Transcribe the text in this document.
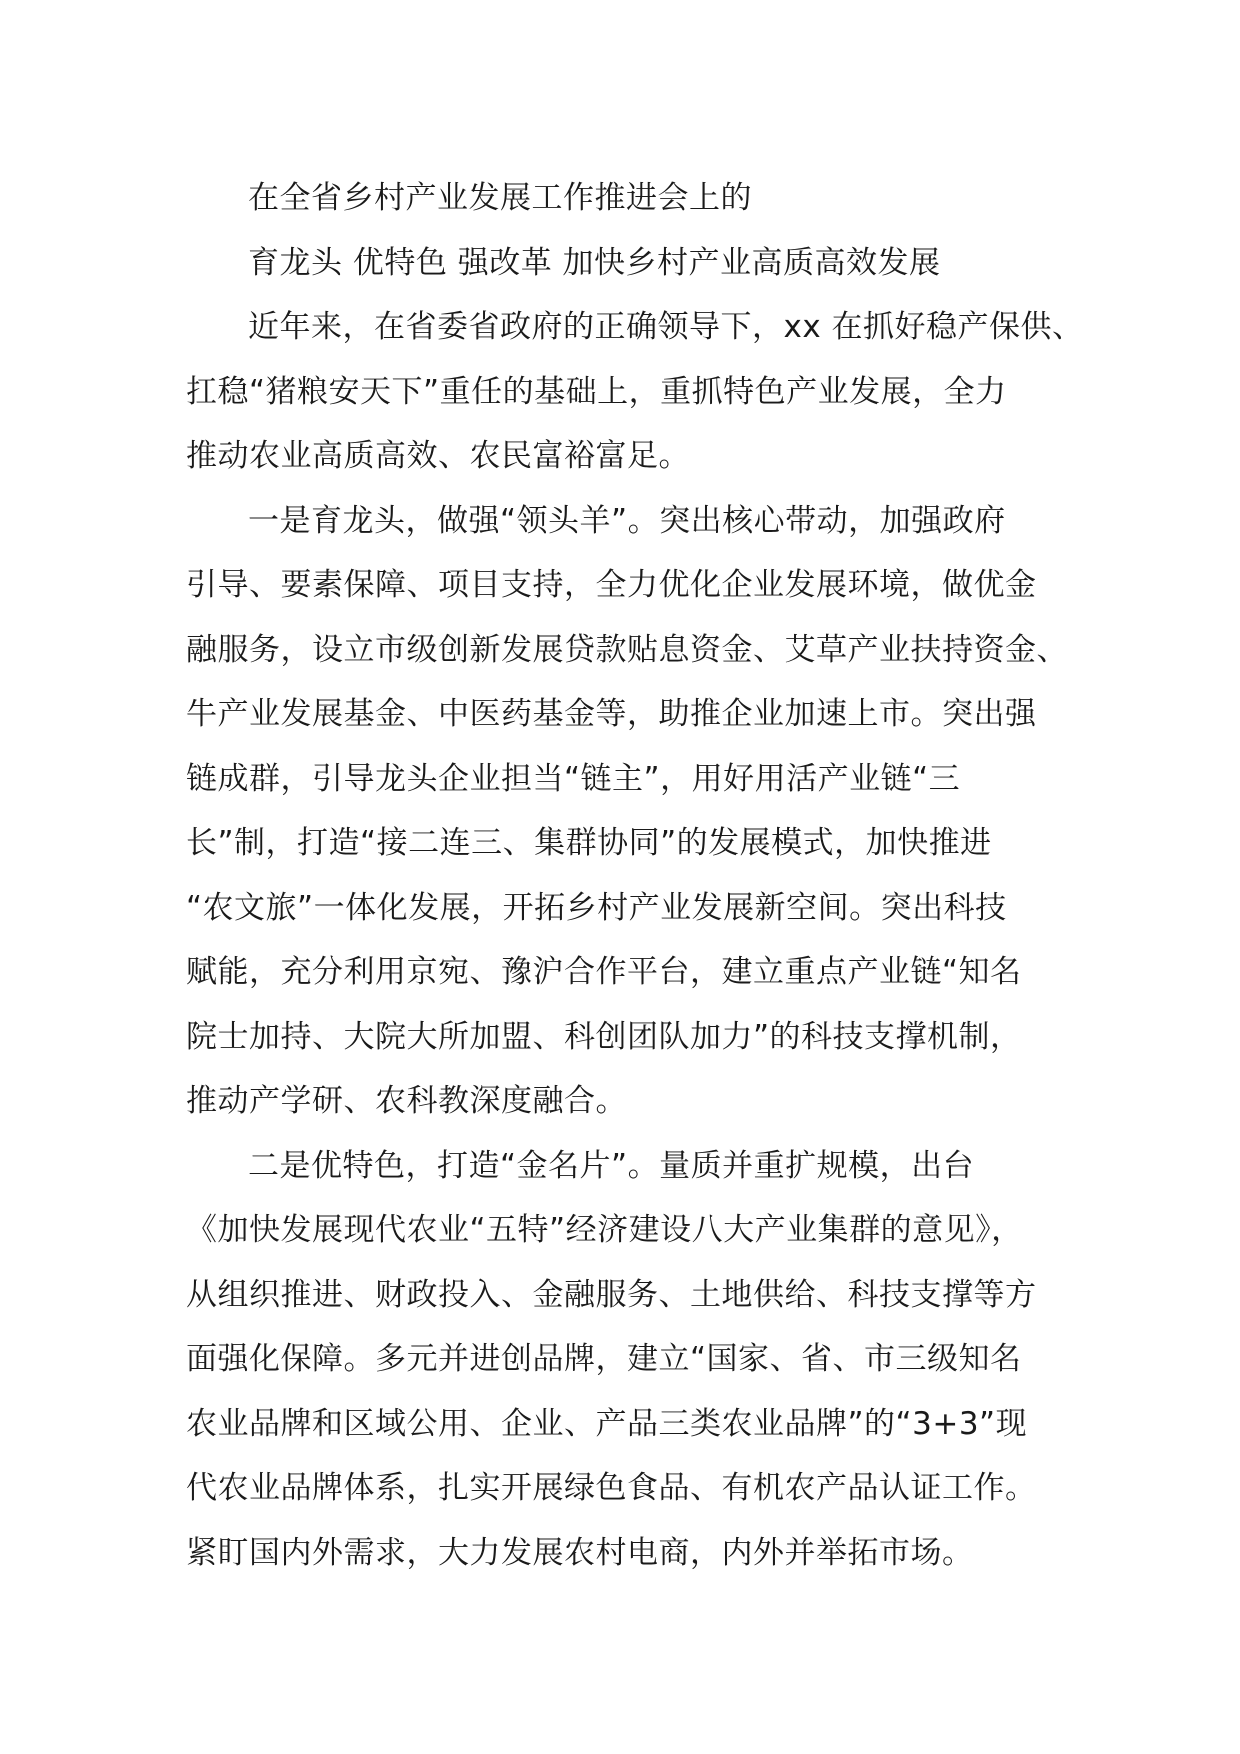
在全省乡村产业发展工作推进会上的
育龙头 优特色 强改革 加快乡村产业高质高效发展
近年来，在省委省政府的正确领导下，xx 在抓好稳产保供、
扛稳“猪粮安天下”重任的基础上，重抓特色产业发展，全力
推动农业高质高效、农民富裕富足。
一是育龙头，做强“领头羊”。突出核心带动，加强政府
引导、要素保障、项目支持，全力优化企业发展环境，做优金
融服务，设立市级创新发展贷款贴息资金、艾草产业扶持资金、
牛产业发展基金、中医药基金等，助推企业加速上市。突出强
链成群，引导龙头企业担当“链主”，用好用活产业链“三
长”制，打造“接二连三、集群协同”的发展模式，加快推进
“农文旅”一体化发展，开拓乡村产业发展新空间。突出科技
赋能，充分利用京宛、豫沪合作平台，建立重点产业链“知名
院士加持、大院大所加盟、科创团队加力”的科技支撑机制，
推动产学研、农科教深度融合。
二是优特色，打造“金名片”。量质并重扩规模，出台
《加快发展现代农业“五特”经济建设八大产业集群的意见》，
从组织推进、财政投入、金融服务、土地供给、科技支撑等方
面强化保障。多元并进创品牌，建立“国家、省、市三级知名
农业品牌和区域公用、企业、产品三类农业品牌”的“3+3”现
代农业品牌体系，扎实开展绿色食品、有机农产品认证工作。
紧盯国内外需求，大力发展农村电商，内外并举拓市场。
